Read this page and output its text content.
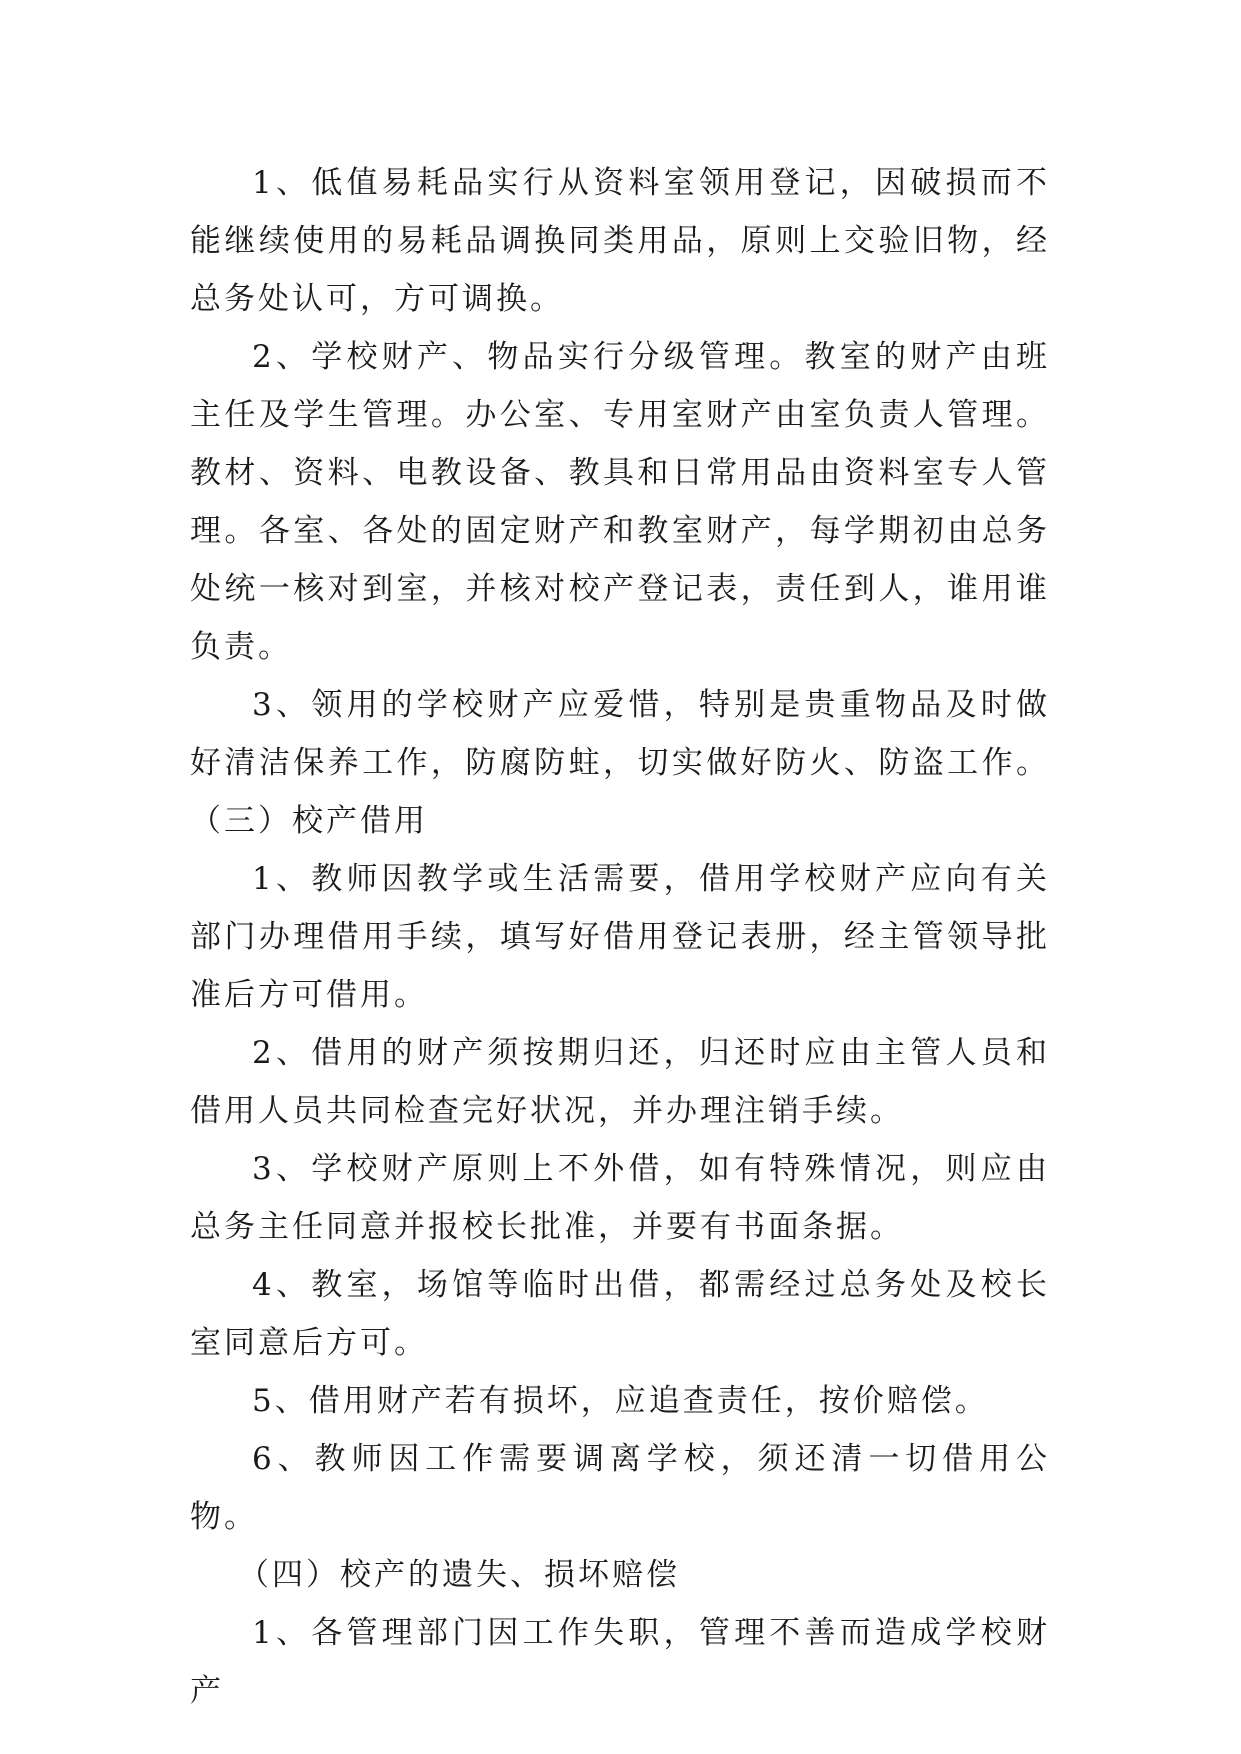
1、低值易耗品实行从资料室领用登记，因破损而不能继续使用的易耗品调换同类用品，原则上交验旧物，经总务处认可，方可调换。

2、学校财产、物品实行分级管理。教室的财产由班主任及学生管理。办公室、专用室财产由室负责人管理。教材、资料、电教设备、教具和日常用品由资料室专人管理。各室、各处的固定财产和教室财产，每学期初由总务处统一核对到室，并核对校产登记表，责任到人，谁用谁负责。

3、领用的学校财产应爱惜，特别是贵重物品及时做好清洁保养工作，防腐防蛀，切实做好防火、防盗工作。（三）校产借用

1、教师因教学或生活需要，借用学校财产应向有关部门办理借用手续，填写好借用登记表册，经主管领导批准后方可借用。

2、借用的财产须按期归还，归还时应由主管人员和借用人员共同检查完好状况，并办理注销手续。

3、学校财产原则上不外借，如有特殊情况，则应由总务主任同意并报校长批准，并要有书面条据。

4、教室，场馆等临时出借，都需经过总务处及校长室同意后方可。

5、借用财产若有损坏，应追查责任，按价赔偿。

6、教师因工作需要调离学校，须还清一切借用公物。

（四）校产的遗失、损坏赔偿

1、各管理部门因工作失职，管理不善而造成学校财产
